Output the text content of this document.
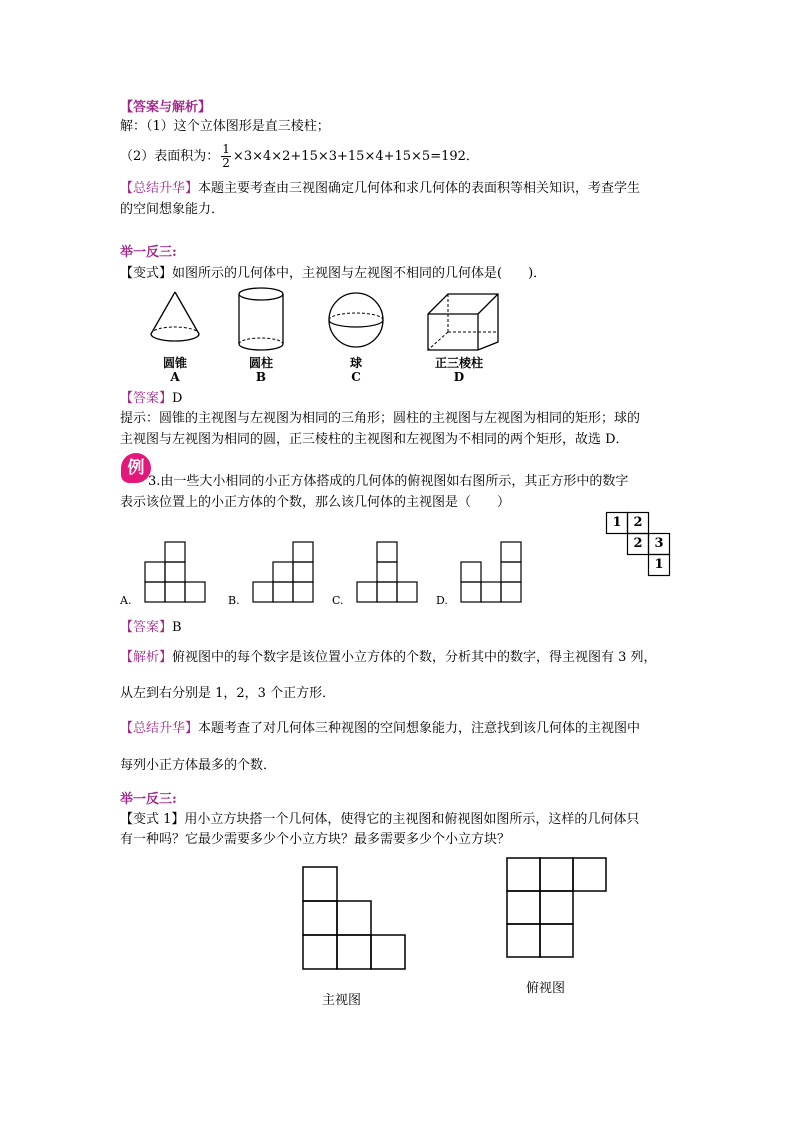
【答案与解析】
解：（1）这个立体图形是直三棱柱；
（2）表面积为： $\frac{1}{2} \times 3\times 4\times 2+15\times 3+15\times 4+15\times 5=192$．
【总结升华】本题主要考查由三视图确定几何体和求几何体的表面积等相关知识，考查学生
的空间想象能力．
举一反三:
【变式】如图所示的几何体中，主视图与左视图不相同的几何体是(　　)．
圆锥
A
圆柱
B
球
C
正三棱柱
D
【答案】D
提示：圆锥的主视图与左视图为相同的三角形；圆柱的主视图与左视图为相同的矩形；球的
主视图与左视图为相同的圆，正三棱柱的主视图和左视图为不相同的两个矩形，故选 D．
例
3.由一些大小相同的小正方体搭成的几何体的俯视图如右图所示，其正方形中的数字
表示该位置上的小正方体的个数，那么该几何体的主视图是（　　）
1 2
2 3
1
A.	B.	C.	D.
【答案】B
【解析】俯视图中的每个数字是该位置小立方体的个数，分析其中的数字，得主视图有 3 列，
从左到右分别是 1，2，3 个正方形．
【总结升华】本题考查了对几何体三种视图的空间想象能力，注意找到该几何体的主视图中
每列小正方体最多的个数．
举一反三:
【变式 1】用小立方块搭一个几何体，使得它的主视图和俯视图如图所示，这样的几何体只
有一种吗？它最少需要多少个小立方块？最多需要多少个小立方块？
主视图
俯视图
